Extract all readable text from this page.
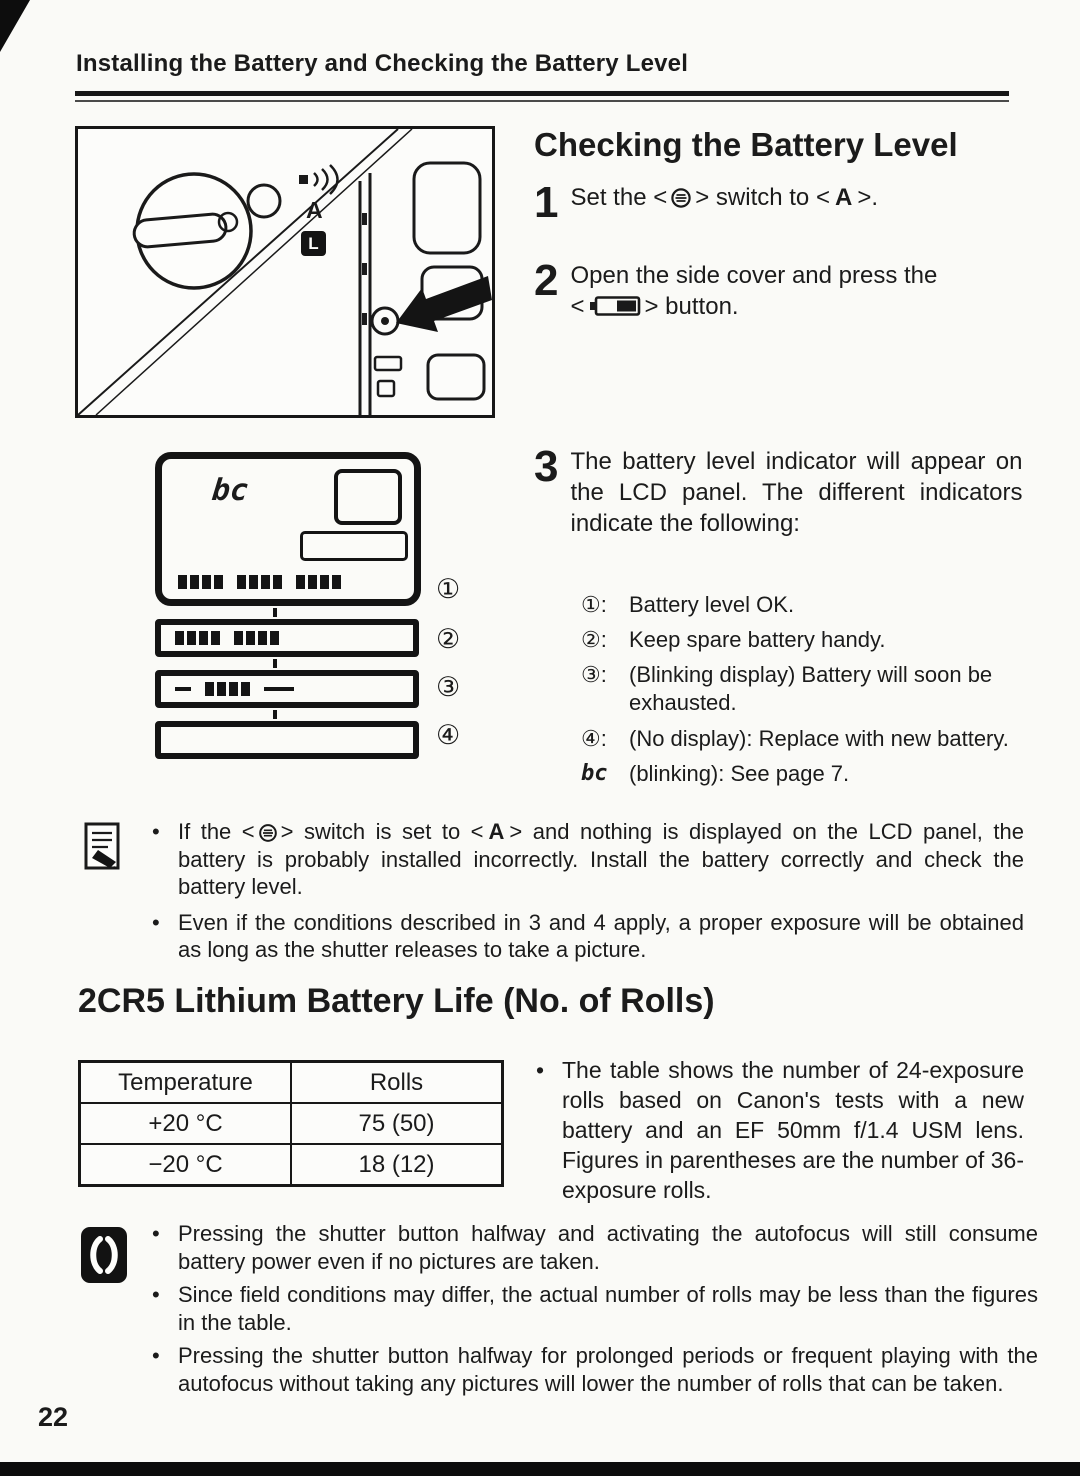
Installing the Battery and Checking the Battery Level
A
L
Checking the Battery Level
1 Set the < > switch to < A >.
2 Open the side cover and press the <	> button.
bc
①
②
③
④
3 The battery level indicator will appear on the LCD panel. The different indicators indicate the following:
①:	Battery level OK.
②:	Keep spare battery handy.
③:	(Blinking display) Battery will soon be exhausted.
④:	(No display): Replace with new battery.
bc (blinking): See page 7.
• If the < > switch is set to < A > and nothing is displayed on the LCD panel, the battery is probably installed incorrectly. Install the battery correctly and check the battery level.
• Even if the conditions described in 3 and 4 apply, a proper exposure will be obtained as long as the shutter releases to take a picture.
2CR5 Lithium Battery Life (No. of Rolls)
Temperature	Rolls
+20 °C	75 (50)
−20 °C	18 (12)
• The table shows the number of 24-exposure rolls based on Canon's tests with a new battery and an EF 50mm f/1.4 USM lens. Figures in parentheses are the number of 36-exposure rolls.
• Pressing the shutter button halfway and activating the autofocus will still consume battery power even if no pictures are taken.
• Since field conditions may differ, the actual number of rolls may be less than the figures in the table.
• Pressing the shutter button halfway for prolonged periods or frequent playing with the autofocus without taking any pictures will lower the number of rolls that can be taken.
22
